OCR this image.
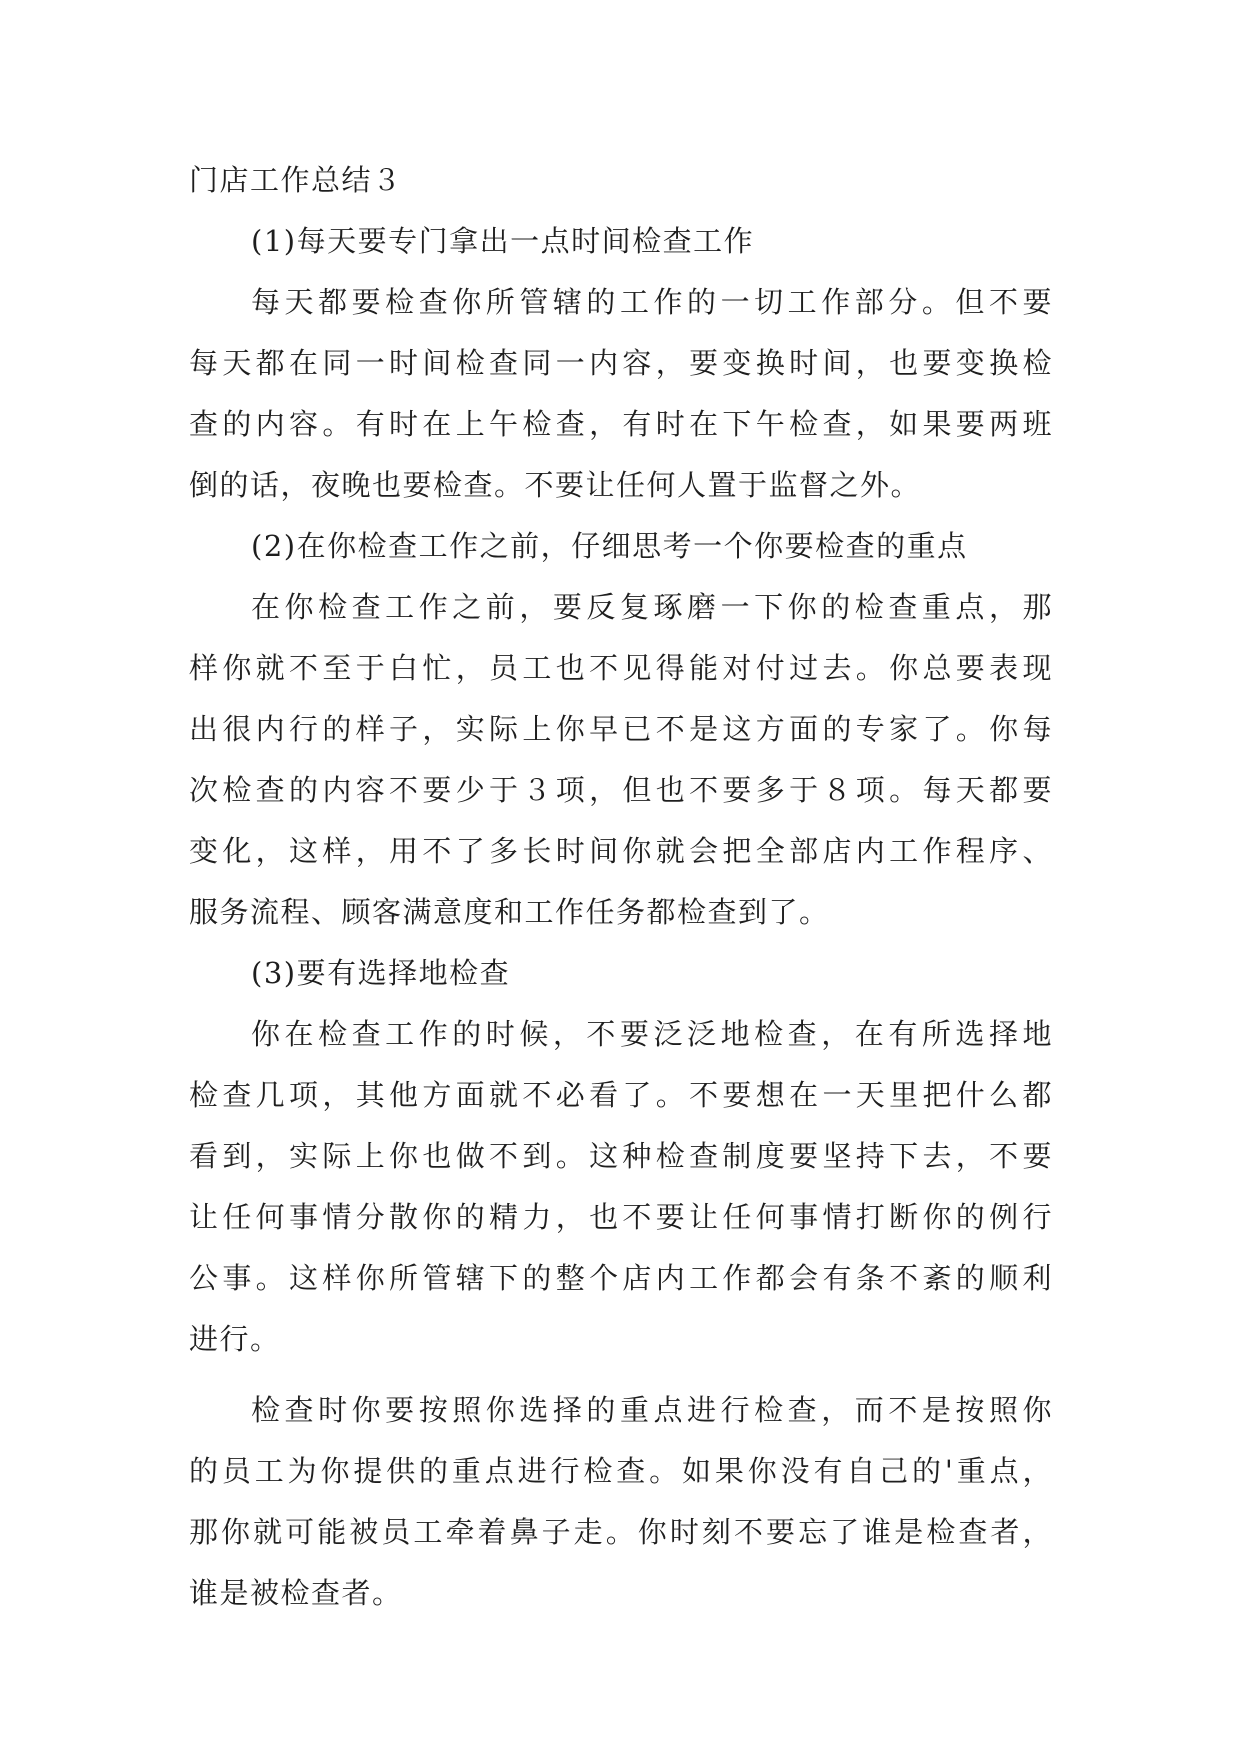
门店工作总结３
(1)每天要专门拿出一点时间检查工作
每天都要检查你所管辖的工作的一切工作部分。但不要
每天都在同一时间检查同一内容，要变换时间，也要变换检
查的内容。有时在上午检查，有时在下午检查，如果要两班
倒的话，夜晚也要检查。不要让任何人置于监督之外。
(2)在你检查工作之前，仔细思考一个你要检查的重点
在你检查工作之前，要反复琢磨一下你的检查重点，那
样你就不至于白忙，员工也不见得能对付过去。你总要表现
出很内行的样子，实际上你早已不是这方面的专家了。你每
次检查的内容不要少于３项，但也不要多于８项。每天都要
变化，这样，用不了多长时间你就会把全部店内工作程序、
服务流程、顾客满意度和工作任务都检查到了。
(3)要有选择地检查
你在检查工作的时候，不要泛泛地检查，在有所选择地
检查几项，其他方面就不必看了。不要想在一天里把什么都
看到，实际上你也做不到。这种检查制度要坚持下去，不要
让任何事情分散你的精力，也不要让任何事情打断你的例行
公事。这样你所管辖下的整个店内工作都会有条不紊的顺利
进行。
检查时你要按照你选择的重点进行检查，而不是按照你
的员工为你提供的重点进行检查。如果你没有自己的'重点，
那你就可能被员工牵着鼻子走。你时刻不要忘了谁是检查者，
谁是被检查者。
